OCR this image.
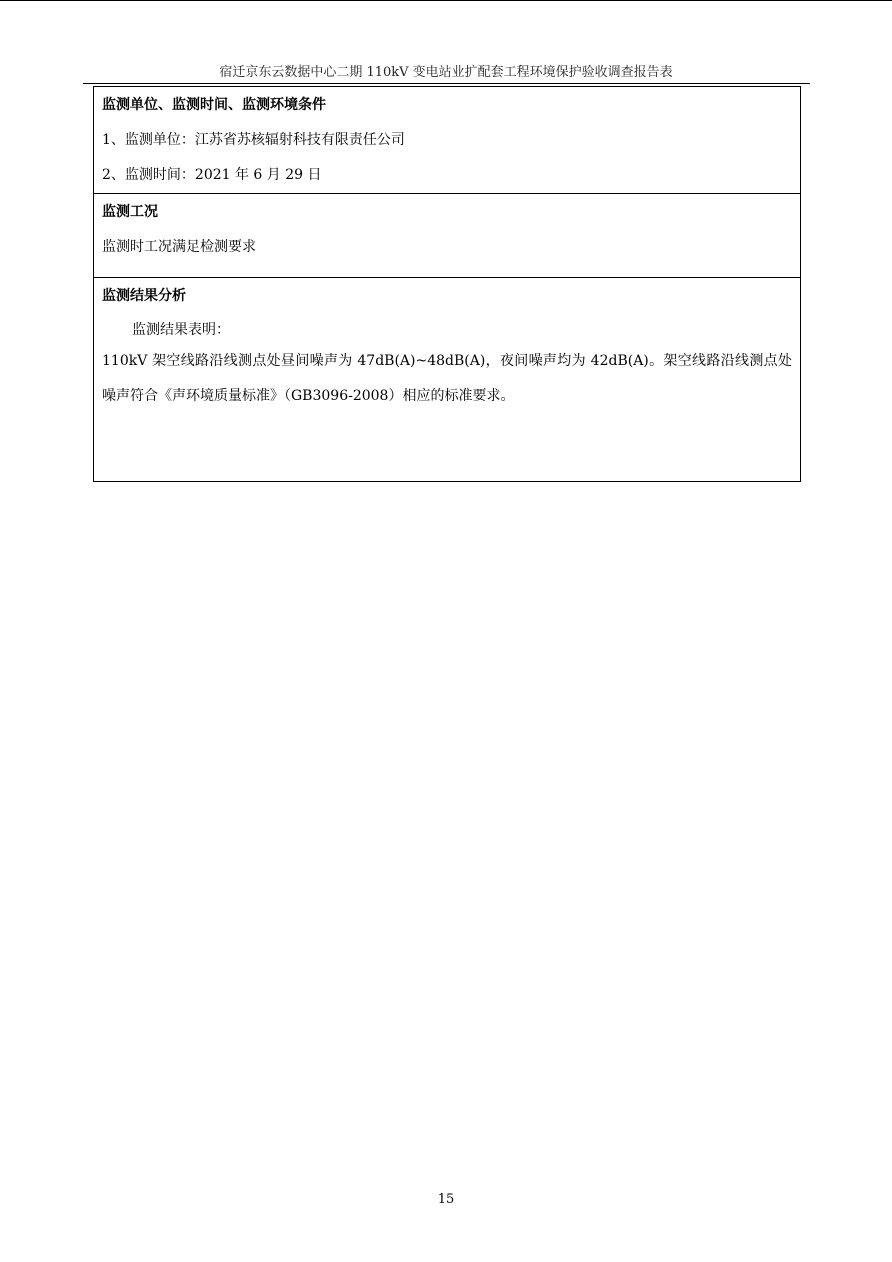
宿迁京东云数据中心二期 110kV 变电站业扩配套工程环境保护验收调查报告表
监测单位、监测时间、监测环境条件
1、监测单位：江苏省苏核辐射科技有限责任公司
2、监测时间：2021 年 6 月 29 日
监测工况
监测时工况满足检测要求
监测结果分析
监测结果表明：
110kV 架空线路沿线测点处昼间噪声为 47dB(A)~48dB(A)，夜间噪声均为 42dB(A)。架空线路沿线测点处噪声符合《声环境质量标准》（GB3096-2008）相应的标准要求。
15
